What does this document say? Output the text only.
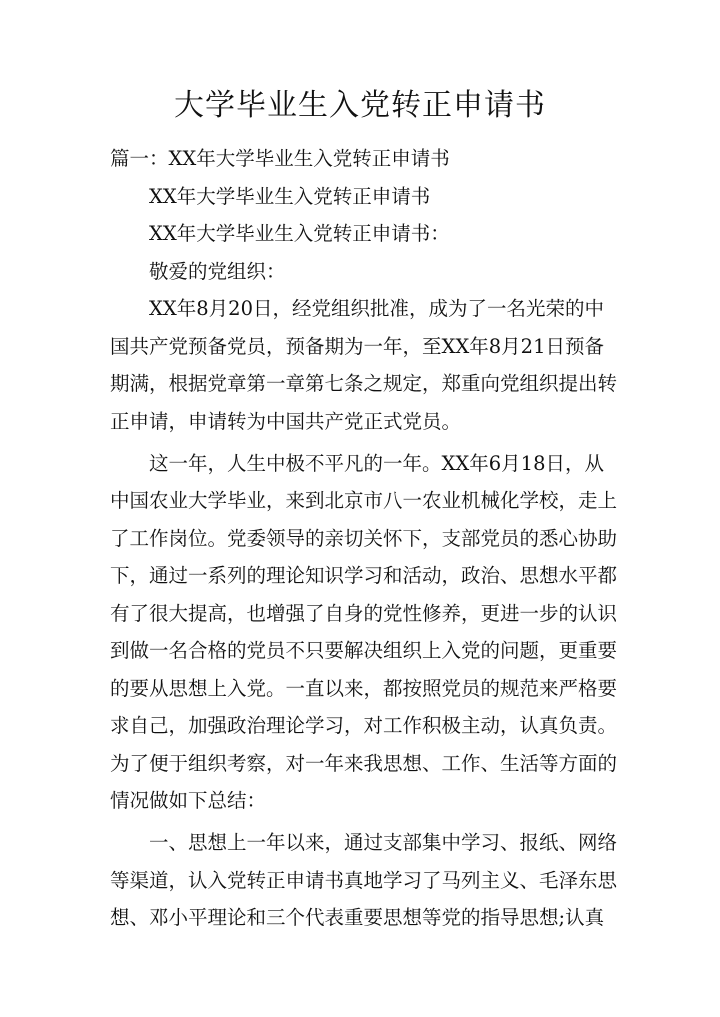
大学毕业生入党转正申请书

篇一：XX年大学毕业生入党转正申请书

XX年大学毕业生入党转正申请书

XX年大学毕业生入党转正申请书：

敬爱的党组织：

XX年8月20日，经党组织批准，成为了一名光荣的中

国共产党预备党员，预备期为一年，至XX年8月21日预备

期满，根据党章第一章第七条之规定，郑重向党组织提出转

正申请，申请转为中国共产党正式党员。

这一年，人生中极不平凡的一年。XX年6月18日，从

中国农业大学毕业，来到北京市八一农业机械化学校，走上

了工作岗位。党委领导的亲切关怀下，支部党员的悉心协助

下，通过一系列的理论知识学习和活动，政治、思想水平都

有了很大提高，也增强了自身的党性修养，更进一步的认识

到做一名合格的党员不只要解决组织上入党的问题，更重要

的要从思想上入党。一直以来，都按照党员的规范来严格要

求自己，加强政治理论学习，对工作积极主动，认真负责。

为了便于组织考察，对一年来我思想、工作、生活等方面的

情况做如下总结：

一、思想上一年以来，通过支部集中学习、报纸、网络

等渠道，认入党转正申请书真地学习了马列主义、毛泽东思

想、邓小平理论和三个代表重要思想等党的指导思想;认真
